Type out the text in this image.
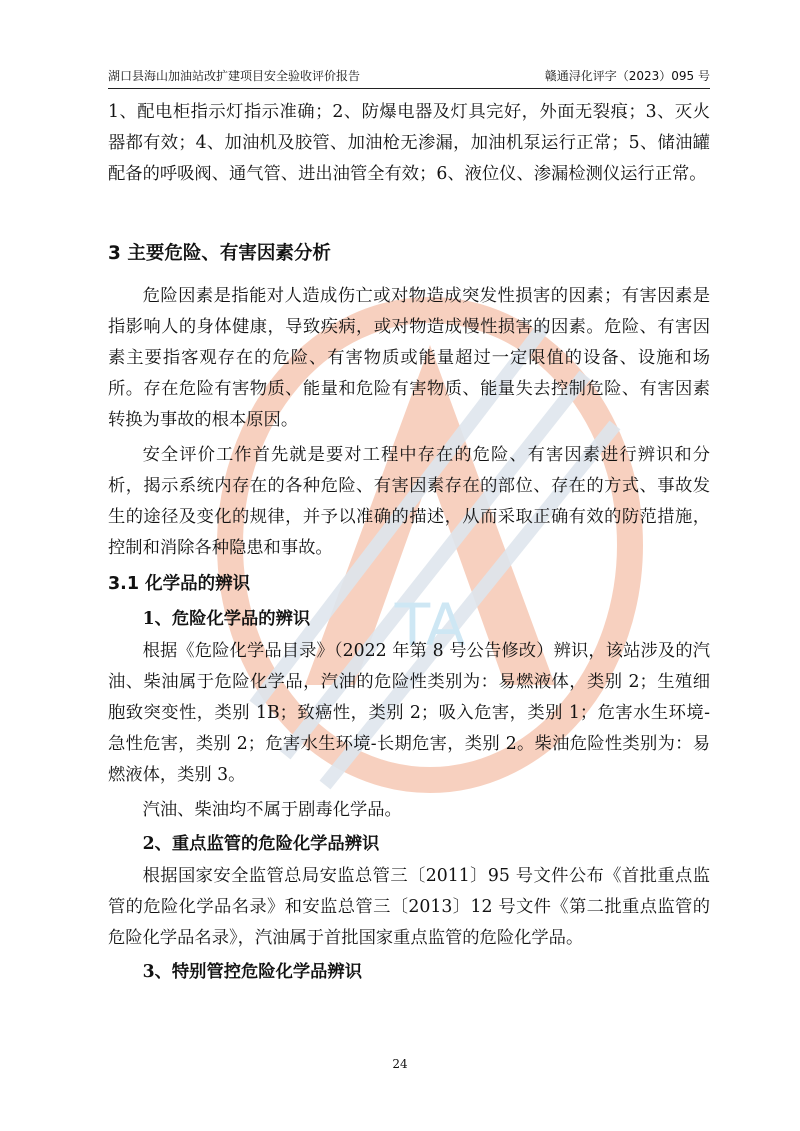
湖口县海山加油站改扩建项目安全验收评价报告	赣通浔化评字（2023）095 号
TA

1、配电柜指示灯指示准确；2、防爆电器及灯具完好，外面无裂痕；3、灭火器都有效；4、加油机及胶管、加油枪无渗漏，加油机泵运行正常；5、储油罐配备的呼吸阀、通气管、进出油管全有效；6、液位仪、渗漏检测仪运行正常。

3 主要危险、有害因素分析

危险因素是指能对人造成伤亡或对物造成突发性损害的因素；有害因素是指影响人的身体健康，导致疾病，或对物造成慢性损害的因素。危险、有害因素主要指客观存在的危险、有害物质或能量超过一定限值的设备、设施和场所。存在危险有害物质、能量和危险有害物质、能量失去控制危险、有害因素转换为事故的根本原因。

安全评价工作首先就是要对工程中存在的危险、有害因素进行辨识和分析，揭示系统内存在的各种危险、有害因素存在的部位、存在的方式、事故发生的途径及变化的规律，并予以准确的描述，从而采取正确有效的防范措施，控制和消除各种隐患和事故。

3.1 化学品的辨识
1、危险化学品的辨识

根据《危险化学品目录》（2022 年第 8 号公告修改）辨识，该站涉及的汽油、柴油属于危险化学品，汽油的危险性类别为：易燃液体，类别 2；生殖细胞致突变性，类别 1B；致癌性，类别 2；吸入危害，类别 1；危害水生环境-急性危害，类别 2；危害水生环境-长期危害，类别 2。柴油危险性类别为：易燃液体，类别 3。

汽油、柴油均不属于剧毒化学品。

2、重点监管的危险化学品辨识

根据国家安全监管总局安监总管三〔2011〕95 号文件公布《首批重点监管的危险化学品名录》和安监总管三〔2013〕12 号文件《第二批重点监管的危险化学品名录》，汽油属于首批国家重点监管的危险化学品。

3、特别管控危险化学品辨识
24
